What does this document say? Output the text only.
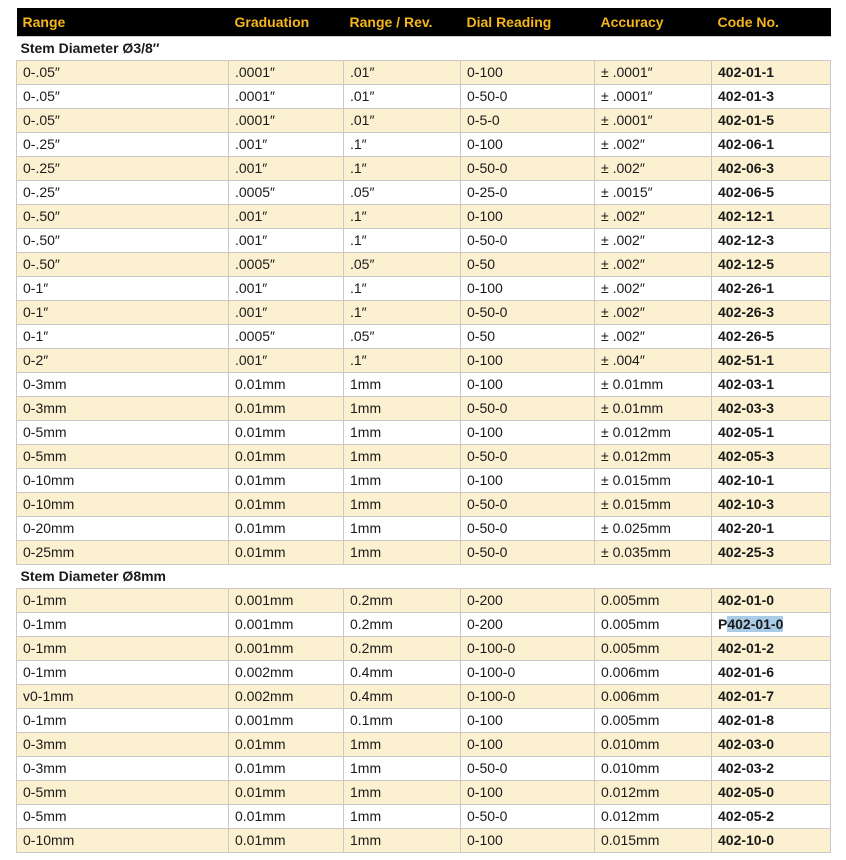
Range	Graduation	Range / Rev.	Dial Reading	Accuracy	Code No.
Stem Diameter Ø3/8″					
0-.05″	.0001″	.01″	0-100	± .0001″	402-01-1
0-.05″	.0001″	.01″	0-50-0	± .0001″	402-01-3
0-.05″	.0001″	.01″	0-5-0	± .0001″	402-01-5
0-.25″	.001″	.1″	0-100	± .002″	402-06-1
0-.25″	.001″	.1″	0-50-0	± .002″	402-06-3
0-.25″	.0005″	.05″	0-25-0	± .0015″	402-06-5
0-.50″	.001″	.1″	0-100	± .002″	402-12-1
0-.50″	.001″	.1″	0-50-0	± .002″	402-12-3
0-.50″	.0005″	.05″	0-50	± .002″	402-12-5
0-1″	.001″	.1″	0-100	± .002″	402-26-1
0-1″	.001″	.1″	0-50-0	± .002″	402-26-3
0-1″	.0005″	.05″	0-50	± .002″	402-26-5
0-2″	.001″	.1″	0-100	± .004″	402-51-1
0-3mm	0.01mm	1mm	0-100	± 0.01mm	402-03-1
0-3mm	0.01mm	1mm	0-50-0	± 0.01mm	402-03-3
0-5mm	0.01mm	1mm	0-100	± 0.012mm	402-05-1
0-5mm	0.01mm	1mm	0-50-0	± 0.012mm	402-05-3
0-10mm	0.01mm	1mm	0-100	± 0.015mm	402-10-1
0-10mm	0.01mm	1mm	0-50-0	± 0.015mm	402-10-3
0-20mm	0.01mm	1mm	0-50-0	± 0.025mm	402-20-1
0-25mm	0.01mm	1mm	0-50-0	± 0.035mm	402-25-3
Stem Diameter Ø8mm					
0-1mm	0.001mm	0.2mm	0-200	0.005mm	402-01-0
0-1mm	0.001mm	0.2mm	0-200	0.005mm	P402-01-0
0-1mm	0.001mm	0.2mm	0-100-0	0.005mm	402-01-2
0-1mm	0.002mm	0.4mm	0-100-0	0.006mm	402-01-6
v0-1mm	0.002mm	0.4mm	0-100-0	0.006mm	402-01-7
0-1mm	0.001mm	0.1mm	0-100	0.005mm	402-01-8
0-3mm	0.01mm	1mm	0-100	0.010mm	402-03-0
0-3mm	0.01mm	1mm	0-50-0	0.010mm	402-03-2
0-5mm	0.01mm	1mm	0-100	0.012mm	402-05-0
0-5mm	0.01mm	1mm	0-50-0	0.012mm	402-05-2
0-10mm	0.01mm	1mm	0-100	0.015mm	402-10-0
